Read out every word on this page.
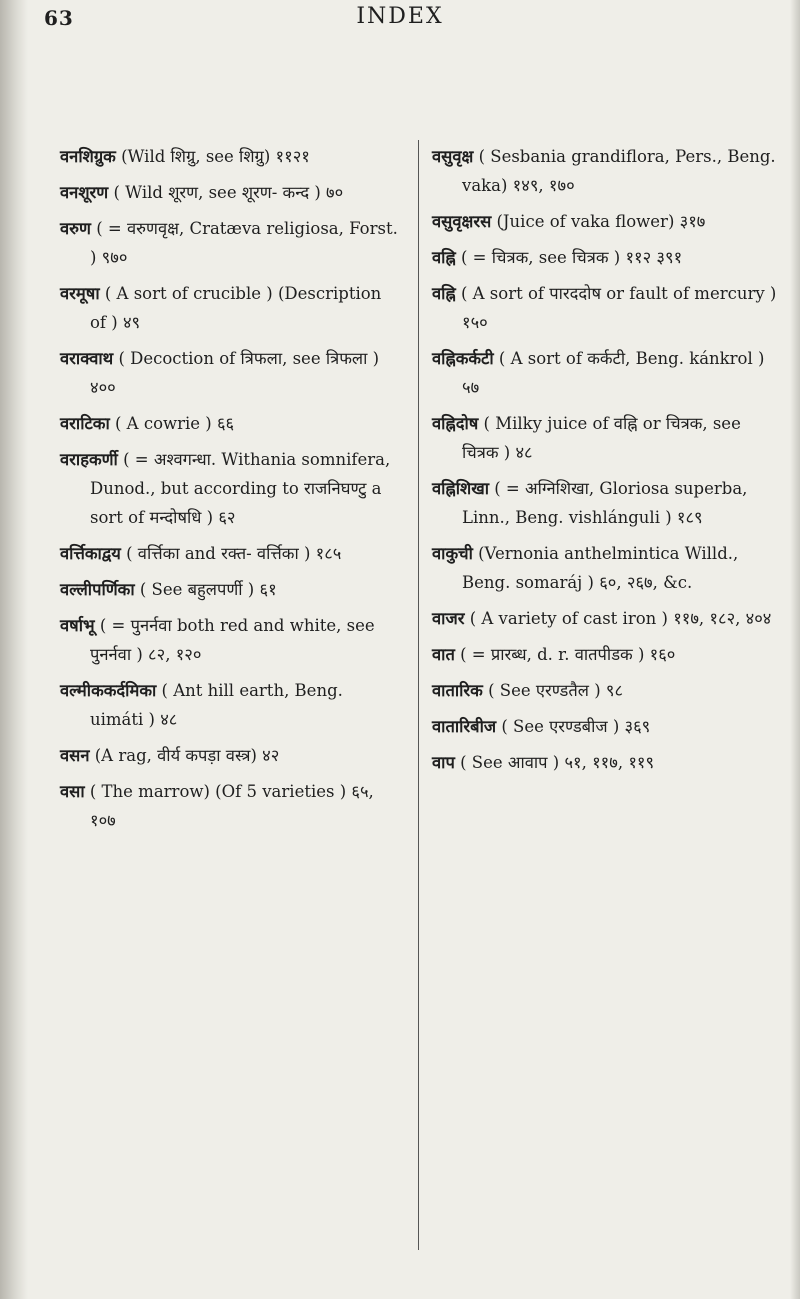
63	INDEX
वनशिग्रुक (Wild शिग्रु, see शिग्रु) ११२१
वनशूरण ( Wild शूरण, see शूरण- कन्द ) ७०
वरुण ( = वरुणवृक्ष, Cratæva religiosa, Forst. ) ९७०
वरमूषा ( A sort of crucible ) (Description of ) ४९
वराक्वाथ ( Decoction of त्रिफला, see त्रिफला ) ४००
वराटिका ( A cowrie ) ६६
वराहकर्णी ( = अश्वगन्धा. Withania somnifera, Dunod., but according to राजनिघण्टु a sort of मन्दोषधि ) ६२
वर्त्तिकाद्वय ( वर्त्तिका and रक्त- वर्त्तिका ) १८५
वल्लीपर्णिका ( See बहुलपर्णी ) ६१
वर्षाभू ( = पुनर्नवा both red and white, see पुनर्नवा ) ८२, १२०
वल्मीककर्दमिका ( Ant hill earth, Beng. uimáti ) ४८
वसन (A rag, वीर्य कपड़ा वस्त्र) ४२
वसा ( The marrow) (Of 5 varieties ) ६५, १०७
वसुवृक्ष ( Sesbania grandiflora, Pers., Beng. vaka) १४९, १७०
वसुवृक्षरस (Juice of vaka flower) ३१७
वह्नि ( = चित्रक, see चित्रक ) ११२ ३९१
वह्नि ( A sort of पारददोष or fault of mercury ) १५०
वह्निकर्कटी ( A sort of कर्कटी, Beng. kánkrol ) ५७
वह्निदोष ( Milky juice of वह्नि or चित्रक, see चित्रक ) ४८
वह्निशिखा ( = अग्निशिखा, Gloriosa superba, Linn., Beng. vishlánguli ) १८९
वाकुची (Vernonia anthelmintica Willd., Beng. somaráj ) ६०, २६७, &c.
वाजर ( A variety of cast iron ) ११७, १८२, ४०४
वात ( = प्रारब्ध, d. r. वातपीडक ) १६०
वातारिक ( See एरण्डतैल ) ९८
वातारिबीज ( See एरण्डबीज ) ३६९
वाप ( See आवाप ) ५१, ११७, ११९
